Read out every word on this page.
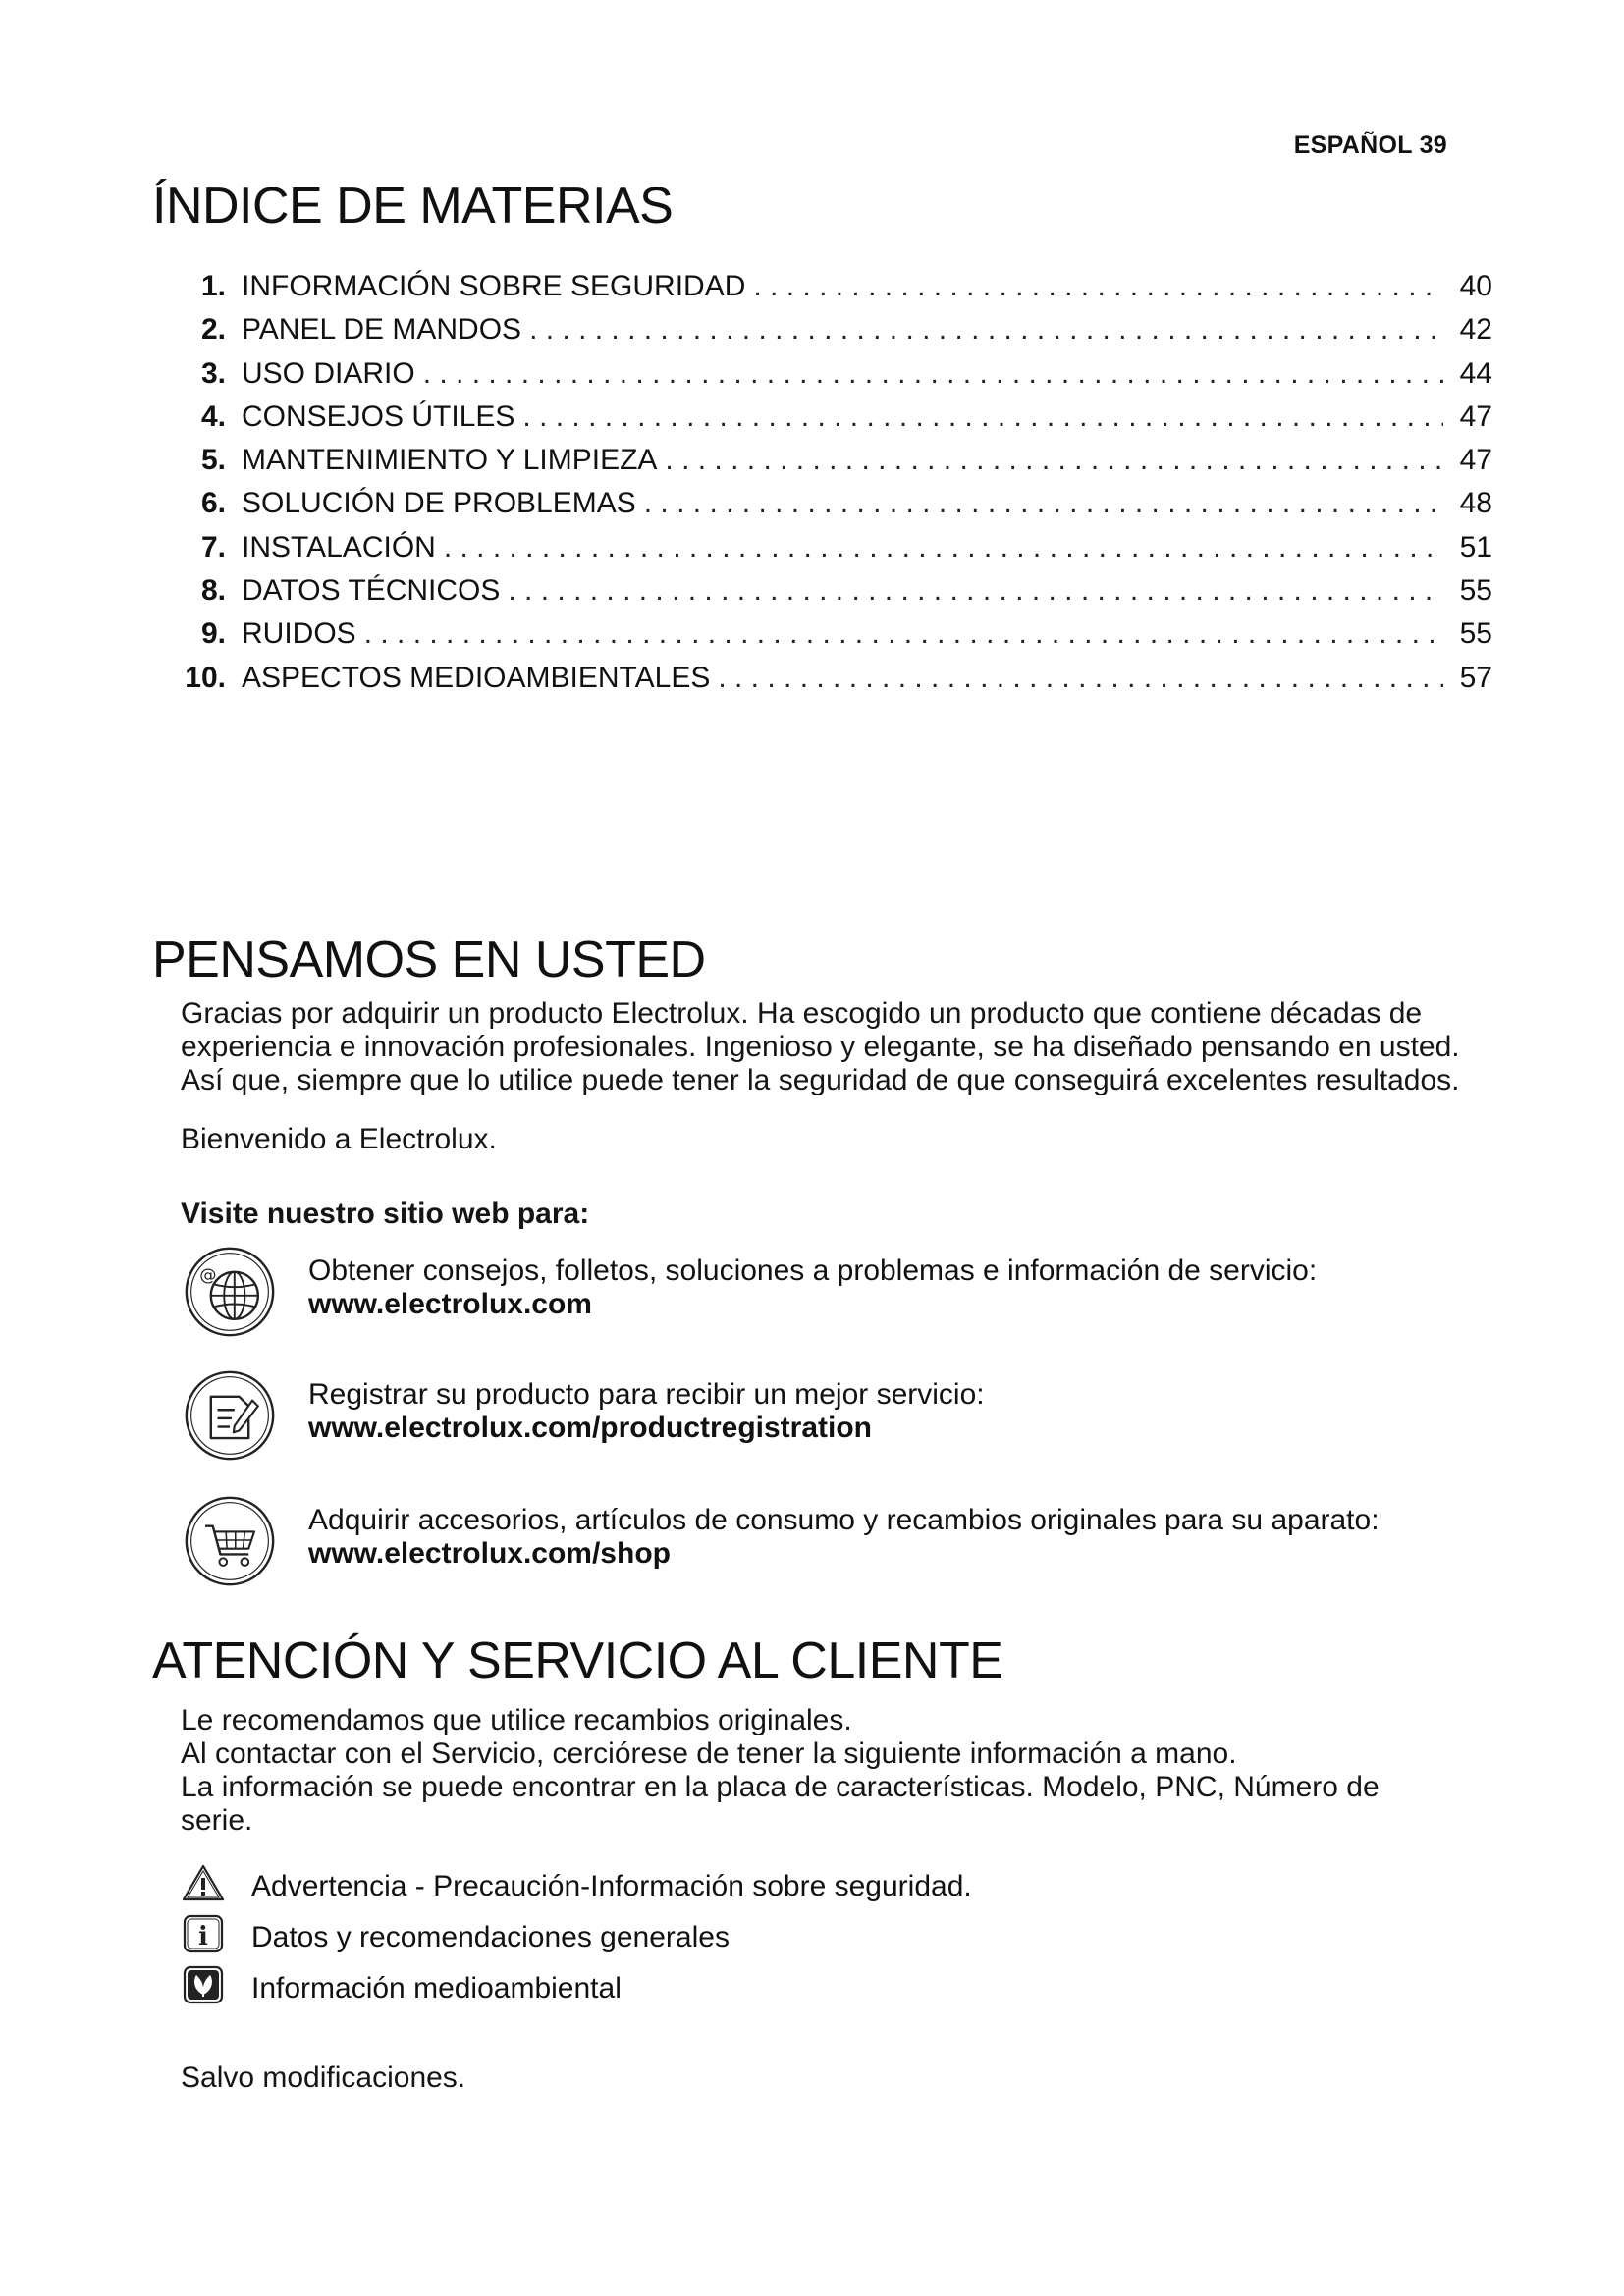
ESPAÑOL 39
ÍNDICE DE MATERIAS
1. INFORMACIÓN SOBRE SEGURIDAD . . .	40
2. PANEL DE MANDOS . . .	42
3. USO DIARIO . . .	44
4. CONSEJOS ÚTILES . . .	47
5. MANTENIMIENTO Y LIMPIEZA . . .	47
6. SOLUCIÓN DE PROBLEMAS . . .	48
7. INSTALACIÓN . . .	51
8. DATOS TÉCNICOS . . .	55
9. RUIDOS . . .	55
10. ASPECTOS MEDIOAMBIENTALES . . .	57
PENSAMOS EN USTED
Gracias por adquirir un producto Electrolux. Ha escogido un producto que contiene décadas de
experiencia e innovación profesionales. Ingenioso y elegante, se ha diseñado pensando en usted.
Así que, siempre que lo utilice puede tener la seguridad de que conseguirá excelentes resultados.

Bienvenido a Electrolux.

Visite nuestro sitio web para:

@	Obtener consejos, folletos, soluciones a problemas e información de servicio:
www.electrolux.com
Registrar su producto para recibir un mejor servicio:
www.electrolux.com/productregistration
Adquirir accesorios, artículos de consumo y recambios originales para su aparato:
www.electrolux.com/shop
ATENCIÓN Y SERVICIO AL CLIENTE
Le recomendamos que utilice recambios originales.
Al contactar con el Servicio, cerciórese de tener la siguiente información a mano.
La información se puede encontrar en la placa de características. Modelo, PNC, Número de
serie.
Advertencia - Precaución-Información sobre seguridad.
i Datos y recomendaciones generales
Información medioambiental

Salvo modificaciones.
